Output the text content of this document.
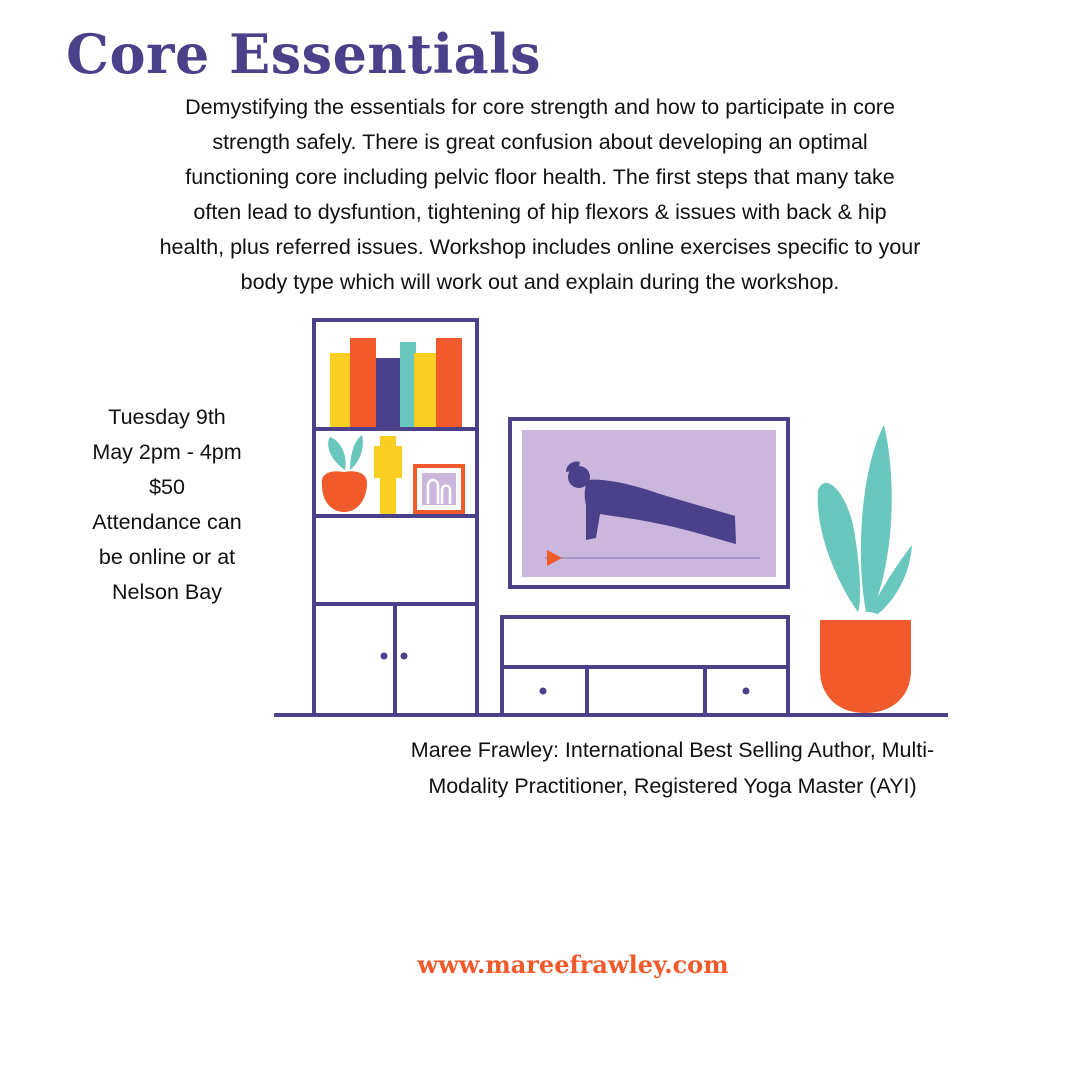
Core Essentials
Demystifying the essentials for core strength and how to participate in core
strength safely. There is great confusion about developing an optimal
functioning core including pelvic floor health. The first steps that many take
often lead to dysfuntion, tightening of hip flexors & issues with back & hip
health, plus referred issues. Workshop includes online exercises specific to your
body type which will work out and explain during the workshop.
Tuesday 9th
May 2pm - 4pm
$50
Attendance can
be online or at
Nelson Bay
Maree Frawley: International Best Selling Author, Multi-
Modality Practitioner, Registered Yoga Master (AYI)

www.mareefrawley.com
